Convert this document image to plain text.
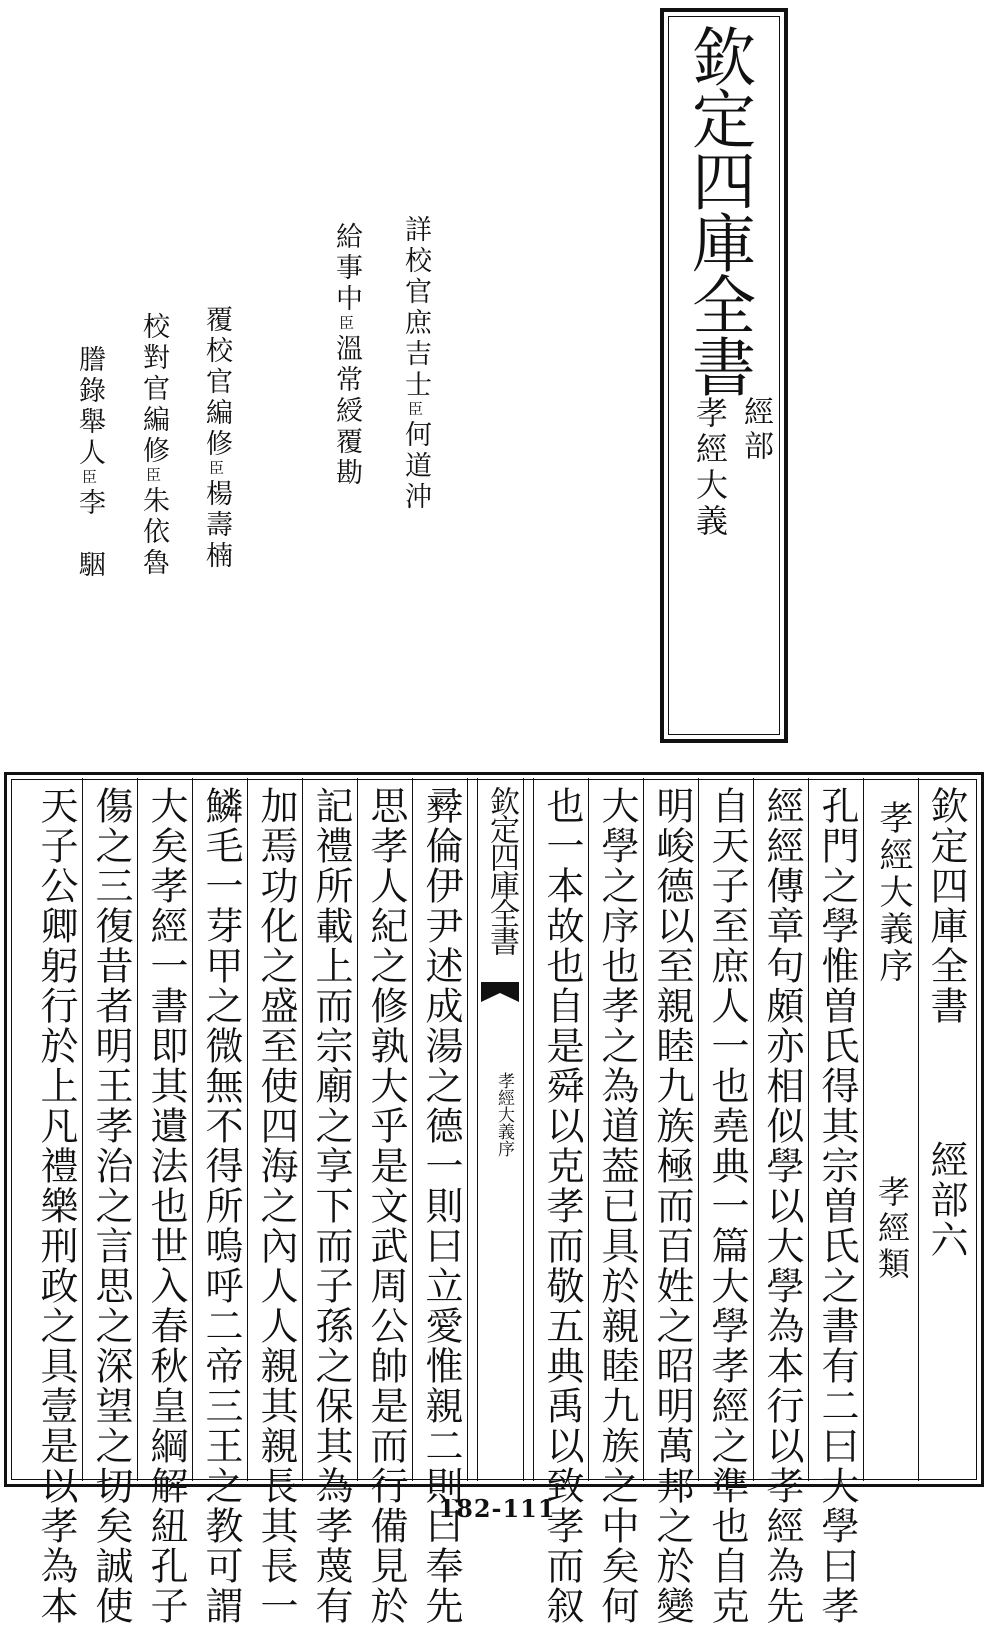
欽定四庫全書
經部
孝經大義
詳校官庶吉士臣何道沖
給事中臣溫常綬覆勘
覆校官編修臣楊壽楠
校對官編修臣朱依魯
謄錄舉人臣李　駰
欽定四庫全書
經部六
孝經大義序
孝經類
欽定四庫全書
孝經大義序	孔門之學惟曽氏得其宗曽氏之書有二曰大學曰孝
經經傳章句頗亦相似學以大學為本行以孝經為先
自天子至庶人一也堯典一篇大學孝經之準也自克
明峻德以至親睦九族極而百姓之昭明萬邦之於變
大學之序也孝之為道葢已具於親睦九族之中矣何
也一本故也自是舜以克孝而敬五典禹以致孝而叙
彛倫伊尹述成湯之德一則曰立愛惟親二則曰奉先
思孝人紀之修孰大乎是文武周公帥是而行備見於
記禮所載上而宗廟之享下而子孫之保其為孝蔑有
加焉功化之盛至使四海之內人人親其親長其長一
鱗毛一芽甲之微無不得所嗚呼二帝三王之教可謂
大矣孝經一書即其遺法也世入春秋皇綱解紐孔子
傷之三復昔者明王孝治之言思之深望之切矣誠使
天子公卿躬行於上凡禮樂刑政之具壹是以孝為本	182-111
